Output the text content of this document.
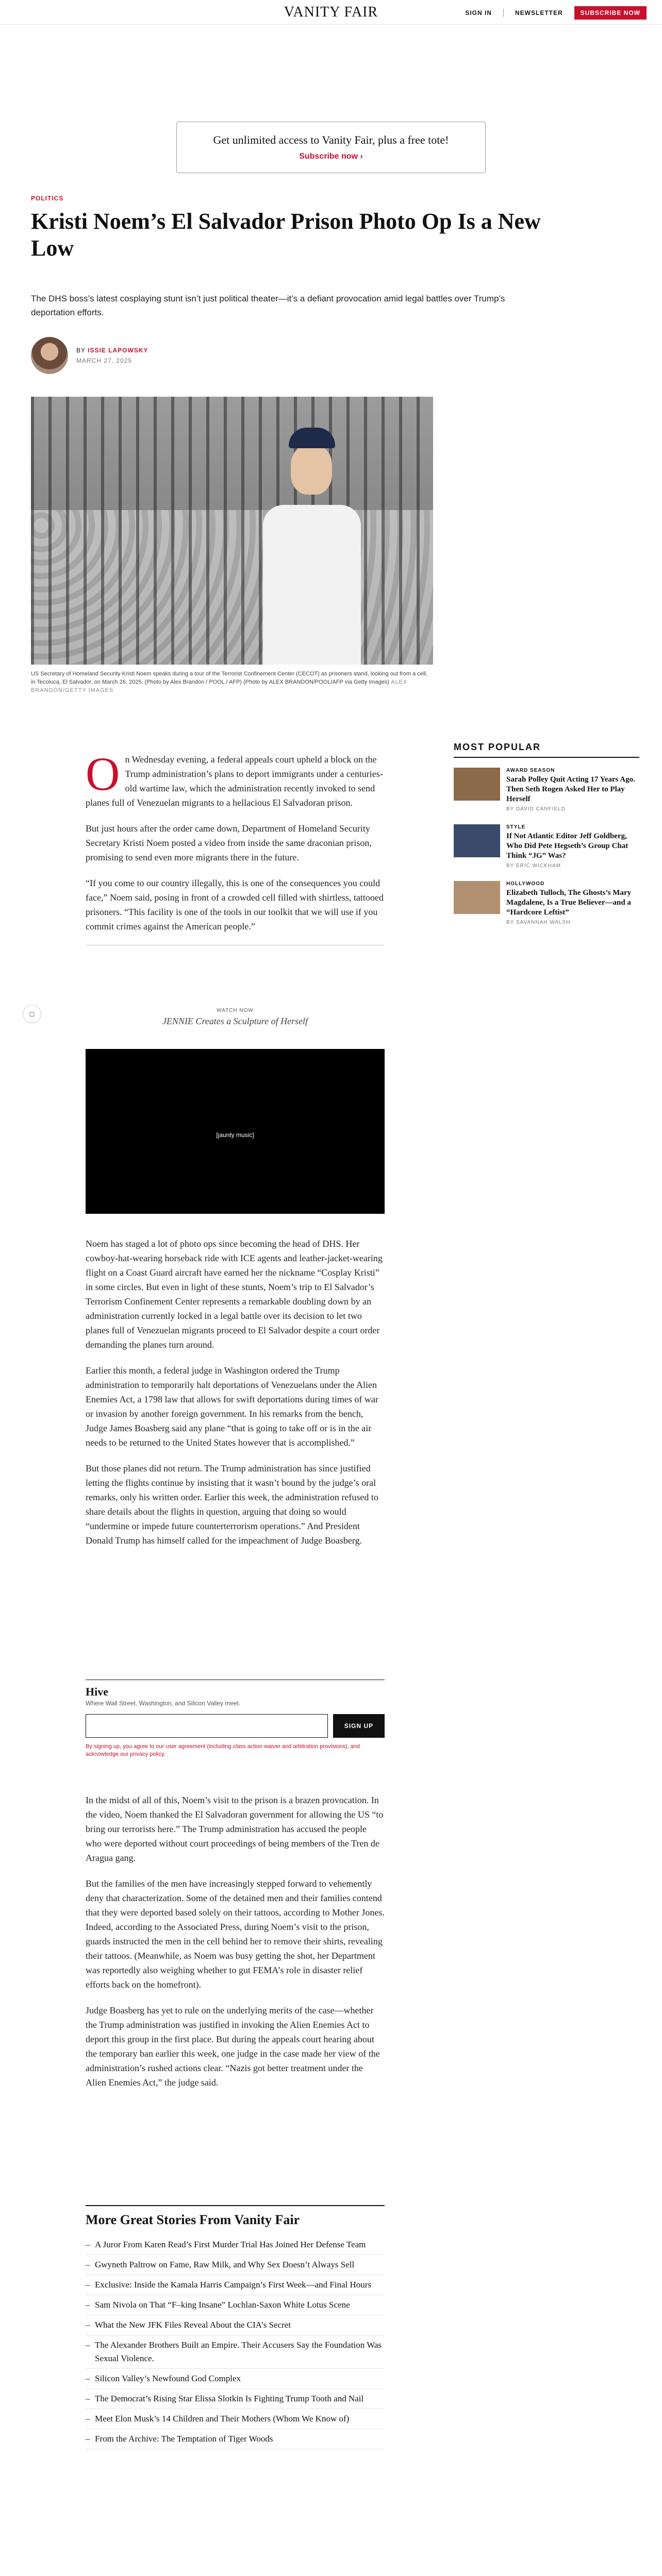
VANITY FAIR	SIGN IN	NEWSLETTER	SUBSCRIBE NOW
Get unlimited access to Vanity Fair, plus a free tote!
Subscribe now ›
POLITICS
Kristi Noem’s El Salvador Prison Photo Op Is a New Low
The DHS boss’s latest cosplaying stunt isn’t just political theater—it’s a defiant provocation amid legal battles over Trump’s deportation efforts.
BY ISSIE LAPOWSKY
MARCH 27, 2025
US Secretary of Homeland Security Kristi Noem speaks during a tour of the Terrorist Confinement Center (CECOT) as prisoners stand, looking out from a cell, in Tecoluca, El Salvador, on March 26, 2025. (Photo by Alex Brandon / POOL / AFP) (Photo by ALEX BRANDON/POOL/AFP via Getty Images) ALEX BRANDON/GETTY IMAGES

On Wednesday evening, a federal appeals court upheld a block on the Trump administration’s plans to deport immigrants under a centuries-old wartime law, which the administration recently invoked to send planes full of Venezuelan migrants to a hellacious El Salvadoran prison.

But just hours after the order came down, Department of Homeland Security Secretary Kristi Noem posted a video from inside the same draconian prison, promising to send even more migrants there in the future.

“If you come to our country illegally, this is one of the consequences you could face,” Noem said, posing in front of a crowded cell filled with shirtless, tattooed prisoners. “This facility is one of the tools in our toolkit that we will use if you commit crimes against the American people.”

MOST POPULAR
AWARD SEASON
Sarah Polley Quit Acting 17 Years Ago. Then Seth Rogen Asked Her to Play Herself
BY DAVID CANFIELD
STYLE
If Not Atlantic Editor Jeff Goldberg, Who Did Pete Hegseth’s Group Chat Think “JG” Was?
BY ERIC WICKHAM
HOLLYWOOD
Elizabeth Tulloch, The Ghosts’s Mary Magdalene, Is a True Believer—and a “Hardcore Leftist”
BY SAVANNAH WALSH
□	WATCH NOW
JENNIE Creates a Sculpture of Herself
[jaunty music]

Noem has staged a lot of photo ops since becoming the head of DHS. Her cowboy-hat-wearing horseback ride with ICE agents and leather-jacket-wearing flight on a Coast Guard aircraft have earned her the nickname “Cosplay Kristi” in some circles. But even in light of these stunts, Noem’s trip to El Salvador’s Terrorism Confinement Center represents a remarkable doubling down by an administration currently locked in a legal battle over its decision to let two planes full of Venezuelan migrants proceed to El Salvador despite a court order demanding the planes turn around.

Earlier this month, a federal judge in Washington ordered the Trump administration to temporarily halt deportations of Venezuelans under the Alien Enemies Act, a 1798 law that allows for swift deportations during times of war or invasion by another foreign government. In his remarks from the bench, Judge James Boasberg said any plane “that is going to take off or is in the air needs to be returned to the United States however that is accomplished.”

But those planes did not return. The Trump administration has since justified letting the flights continue by insisting that it wasn’t bound by the judge’s oral remarks, only his written order. Earlier this week, the administration refused to share details about the flights in question, arguing that doing so would “undermine or impede future counterterrorism operations.” And President Donald Trump has himself called for the impeachment of Judge Boasberg.

Hive
Where Wall Street, Washington, and Silicon Valley meet.
SIGN UP
By signing up, you agree to our user agreement (including class action waiver and arbitration provisions), and acknowledge our privacy policy.

In the midst of all of this, Noem’s visit to the prison is a brazen provocation. In the video, Noem thanked the El Salvadoran government for allowing the US “to bring our terrorists here.” The Trump administration has accused the people who were deported without court proceedings of being members of the Tren de Aragua gang.

But the families of the men have increasingly stepped forward to vehemently deny that characterization. Some of the detained men and their families contend that they were deported based solely on their tattoos, according to Mother Jones. Indeed, according to the Associated Press, during Noem’s visit to the prison, guards instructed the men in the cell behind her to remove their shirts, revealing their tattoos. (Meanwhile, as Noem was busy getting the shot, her Department was reportedly also weighing whether to gut FEMA’s role in disaster relief efforts back on the homefront).

Judge Boasberg has yet to rule on the underlying merits of the case—whether the Trump administration was justified in invoking the Alien Enemies Act to deport this group in the first place. But during the appeals court hearing about the temporary ban earlier this week, one judge in the case made her view of the administration’s rushed actions clear. “Nazis got better treatment under the Alien Enemies Act,” the judge said.

More Great Stories From Vanity Fair
– A Juror From Karen Read’s First Murder Trial Has Joined Her Defense Team
– Gwyneth Paltrow on Fame, Raw Milk, and Why Sex Doesn’t Always Sell
– Exclusive: Inside the Kamala Harris Campaign’s First Week—and Final Hours
– Sam Nivola on That “F–king Insane” Lochlan-Saxon White Lotus Scene
– What the New JFK Files Reveal About the CIA’s Secret
– The Alexander Brothers Built an Empire. Their Accusers Say the Foundation Was Sexual Violence.
– Silicon Valley’s Newfound God Complex
– The Democrat’s Rising Star Elissa Slotkin Is Fighting Trump Tooth and Nail
– Meet Elon Musk’s 14 Children and Their Mothers (Whom We Know of)
– From the Archive: The Temptation of Tiger Woods
